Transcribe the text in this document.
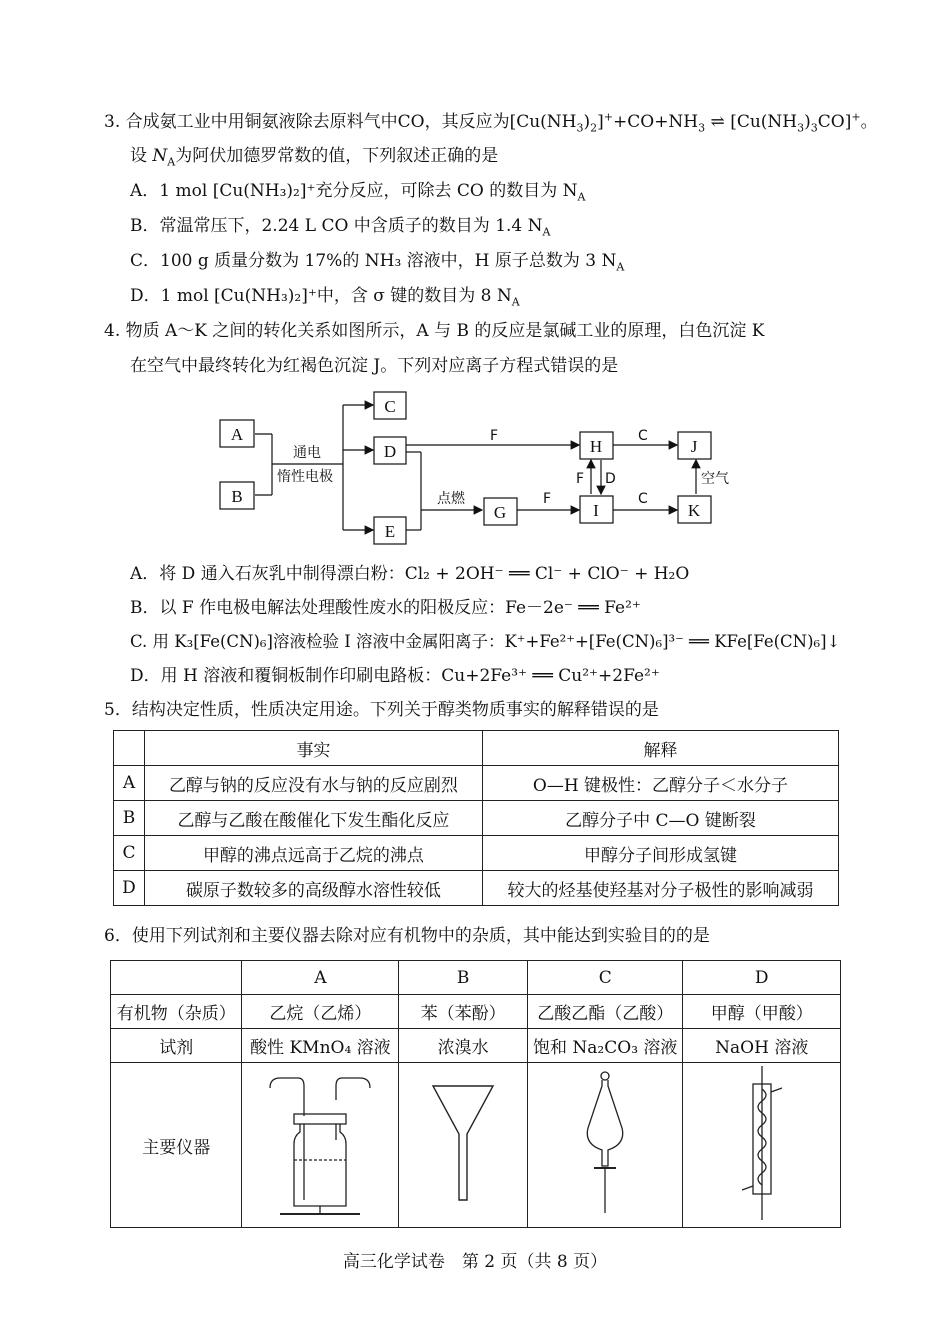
3. 合成氨工业中用铜氨液除去原料气中CO，其反应为$[Cu(NH_3)_2]^++CO+NH_3$ ⇌ $[Cu(NH_3)_3CO]^+$。
设 $N_A$为阿伏加德罗常数的值，下列叙述正确的是
A．1 mol [Cu(NH₃)₂]⁺充分反应，可除去 CO 的数目为 $N_A$
B．常温常压下，2.24 L CO 中含质子的数目为 1.4 $N_A$
C．100 g 质量分数为 17%的 NH₃ 溶液中，H 原子总数为 3 $N_A$
D．1 mol [Cu(NH₃)₂]⁺中，含 σ 键的数目为 8 $N_A$
4. 物质 A～K 之间的转化关系如图所示，A 与 B 的反应是氯碱工业的原理，白色沉淀 K
在空气中最终转化为红褐色沉淀 J。下列对应离子方程式错误的是
A
B
C
D
E
G
H
I
J
K
通电
惰性电极
F	C
F D	空气
点燃	F	C
A．将 D 通入石灰乳中制得漂白粉：Cl₂ + 2OH⁻ ══ Cl⁻ + ClO⁻ + H₂O
B．以 F 作电极电解法处理酸性废水的阳极反应：Fe－2e⁻ ══ Fe²⁺
C. 用 K₃[Fe(CN)₆]溶液检验 I 溶液中金属阳离子：K⁺+Fe²⁺+[Fe(CN)₆]³⁻ ══ KFe[Fe(CN)₆]↓
D．用 H 溶液和覆铜板制作印刷电路板：Cu+2Fe³⁺ ══ Cu²⁺+2Fe²⁺
5．结构决定性质，性质决定用途。下列关于醇类物质事实的解释错误的是
	事实	解释
A	乙醇与钠的反应没有水与钠的反应剧烈	O—H 键极性：乙醇分子＜水分子
B	乙醇与乙酸在酸催化下发生酯化反应	乙醇分子中 C—O 键断裂
C	甲醇的沸点远高于乙烷的沸点	甲醇分子间形成氢键
D	碳原子数较多的高级醇水溶性较低	较大的烃基使羟基对分子极性的影响减弱
6．使用下列试剂和主要仪器去除对应有机物中的杂质，其中能达到实验目的的是
	A	B	C	D
有机物（杂质）	乙烷（乙烯）	苯（苯酚）	乙酸乙酯（乙酸）	甲醇（甲酸）
试剂	酸性 KMnO₄ 溶液	浓溴水	饱和 Na₂CO₃ 溶液	NaOH 溶液
主要仪器				
高三化学试卷　第 2 页（共 8 页）
